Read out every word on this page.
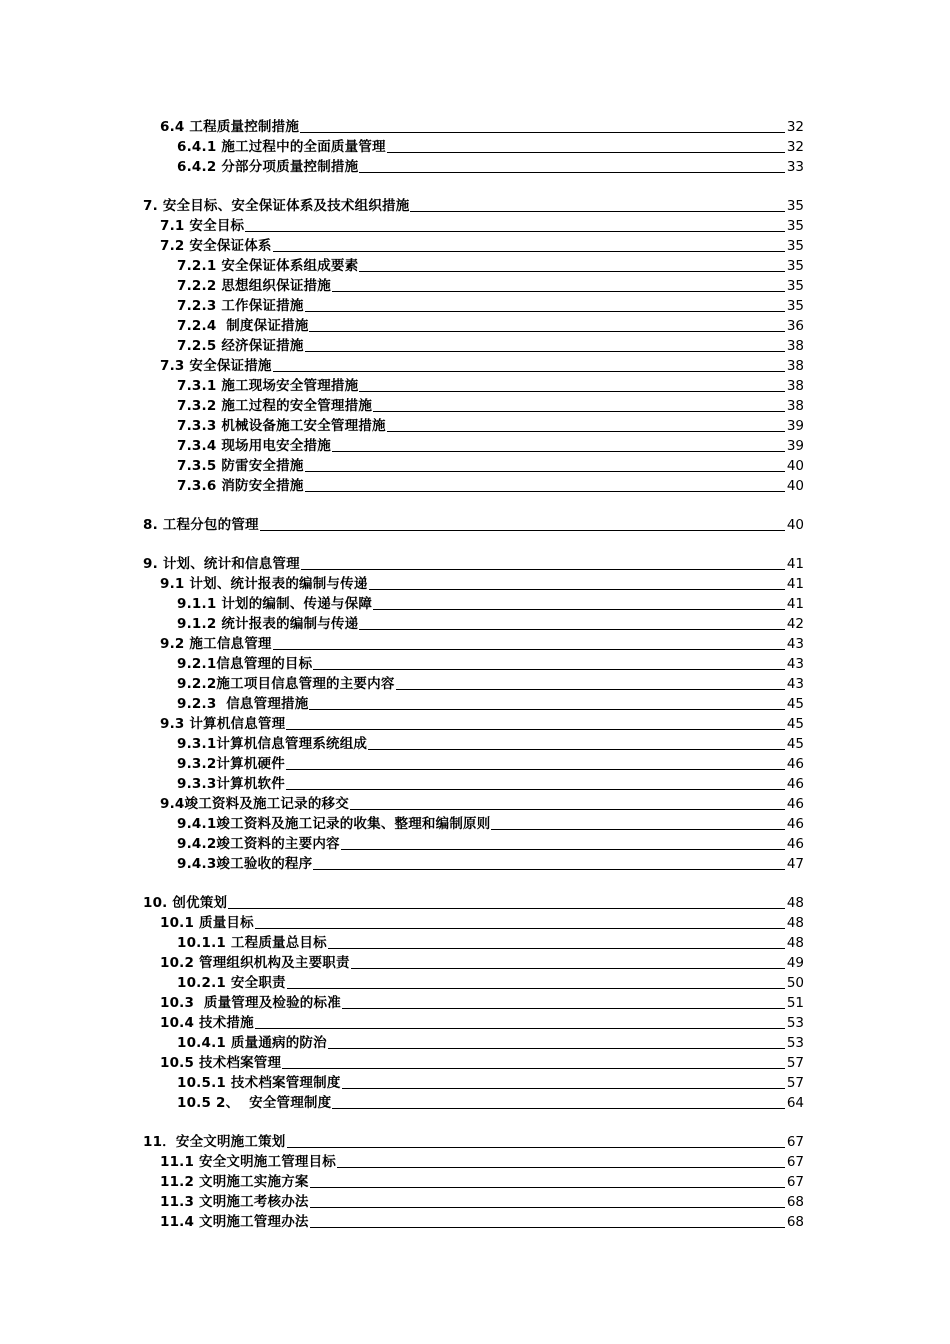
6.4 工程质量控制措施	32
6.4.1 施工过程中的全面质量管理	32
6.4.2 分部分项质量控制措施	33
7. 安全目标、安全保证体系及技术组织措施	35
7.1 安全目标	35
7.2 安全保证体系	35
7.2.1 安全保证体系组成要素	35
7.2.2 思想组织保证措施	35
7.2.3 工作保证措施	35
7.2.4  制度保证措施	36
7.2.5 经济保证措施	38
7.3 安全保证措施	38
7.3.1 施工现场安全管理措施	38
7.3.2 施工过程的安全管理措施	38
7.3.3 机械设备施工安全管理措施	39
7.3.4 现场用电安全措施	39
7.3.5 防雷安全措施	40
7.3.6 消防安全措施	40
8. 工程分包的管理	40
9. 计划、统计和信息管理	41
9.1 计划、统计报表的编制与传递	41
9.1.1 计划的编制、传递与保障	41
9.1.2 统计报表的编制与传递	42
9.2 施工信息管理	43
9.2.1信息管理的目标	43
9.2.2施工项目信息管理的主要内容	43
9.2.3  信息管理措施	45
9.3 计算机信息管理	45
9.3.1计算机信息管理系统组成	45
9.3.2计算机硬件	46
9.3.3计算机软件	46
9.4竣工资料及施工记录的移交	46
9.4.1竣工资料及施工记录的收集、整理和编制原则	46
9.4.2竣工资料的主要内容	46
9.4.3竣工验收的程序	47
10. 创优策划	48
10.1 质量目标	48
10.1.1 工程质量总目标	48
10.2 管理组织机构及主要职责	49
10.2.1 安全职责	50
10.3  质量管理及检验的标准	51
10.4 技术措施	53
10.4.1 质量通病的防治	53
10.5 技术档案管理	57
10.5.1 技术档案管理制度	57
10.5 2、  安全管理制度	64
11．安全文明施工策划	67
11.1 安全文明施工管理目标	67
11.2 文明施工实施方案	67
11.3 文明施工考核办法	68
11.4 文明施工管理办法	68
